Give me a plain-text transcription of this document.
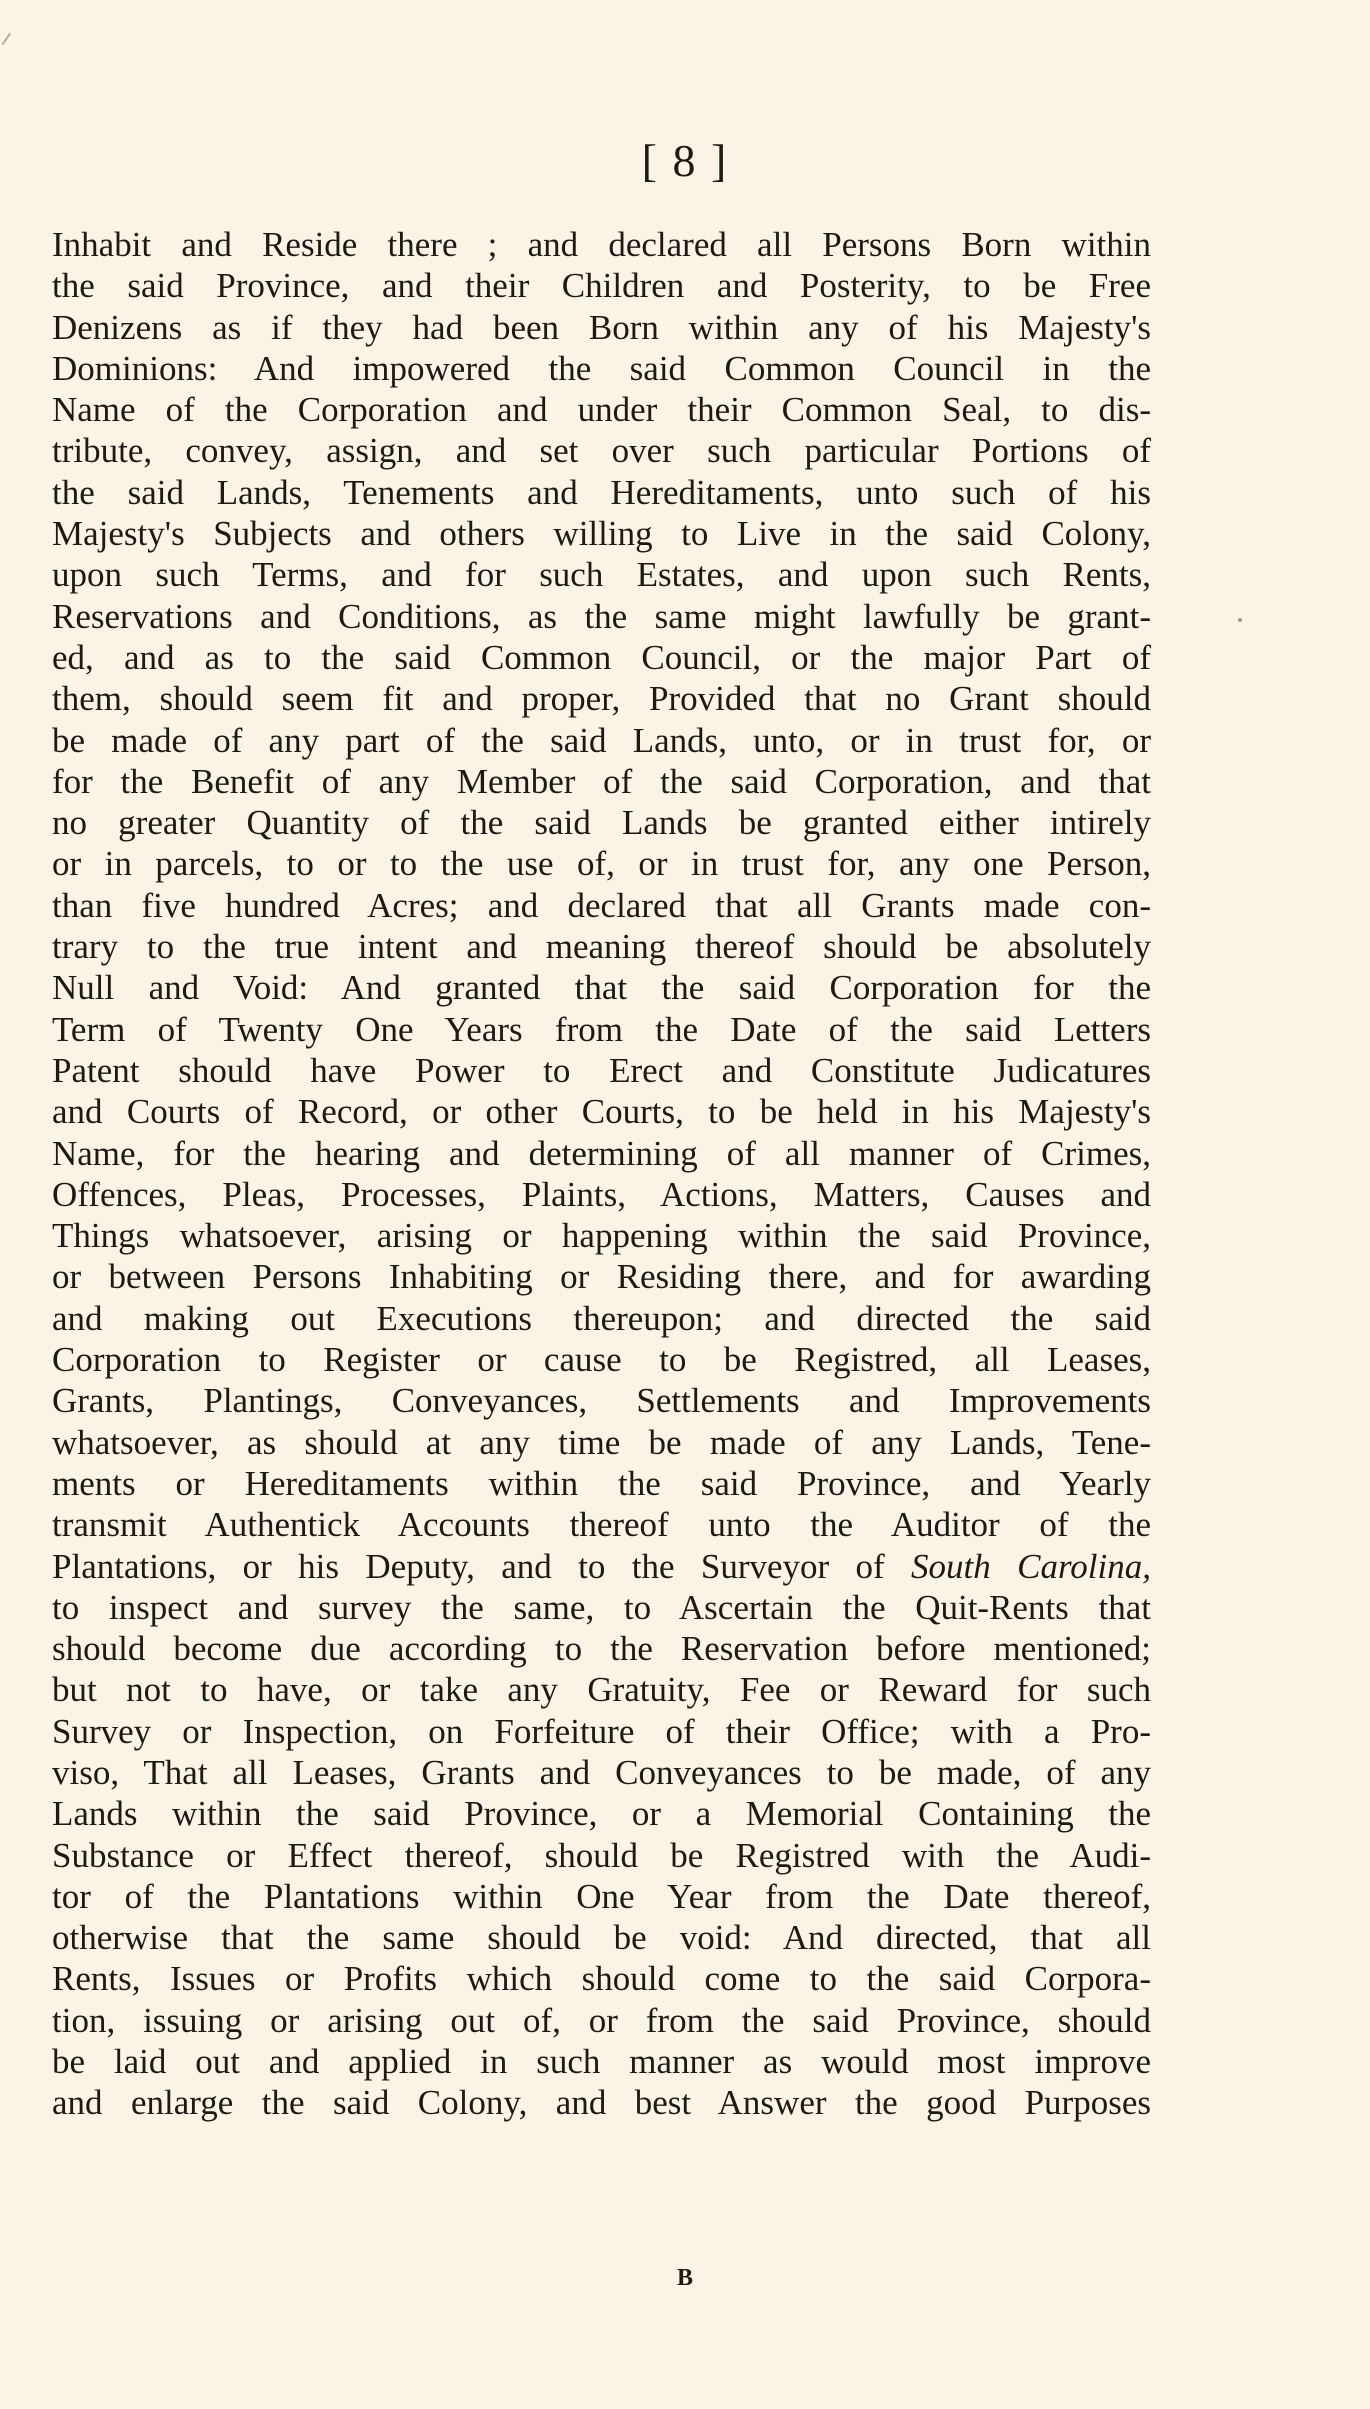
[ 8 ]
Inhabit and Reside there ; and declared all Persons Born within
the said Province, and their Children and Posterity, to be Free
Denizens as if they had been Born within any of his Majesty's
Dominions: And impowered the said Common Council in the
Name of the Corporation and under their Common Seal, to dis-
tribute, convey, assign, and set over such particular Portions of
the said Lands, Tenements and Hereditaments, unto such of his
Majesty's Subjects and others willing to Live in the said Colony,
upon such Terms, and for such Estates, and upon such Rents,
Reservations and Conditions, as the same might lawfully be grant-
ed, and as to the said Common Council, or the major Part of
them, should seem fit and proper, Provided that no Grant should
be made of any part of the said Lands, unto, or in trust for, or
for the Benefit of any Member of the said Corporation, and that
no greater Quantity of the said Lands be granted either intirely
or in parcels, to or to the use of, or in trust for, any one Person,
than five hundred Acres; and declared that all Grants made con-
trary to the true intent and meaning thereof should be absolutely
Null and Void: And granted that the said Corporation for the
Term of Twenty One Years from the Date of the said Letters
Patent should have Power to Erect and Constitute Judicatures
and Courts of Record, or other Courts, to be held in his Majesty's
Name, for the hearing and determining of all manner of Crimes,
Offences, Pleas, Processes, Plaints, Actions, Matters, Causes and
Things whatsoever, arising or happening within the said Province,
or between Persons Inhabiting or Residing there, and for awarding
and making out Executions thereupon; and directed the said
Corporation to Register or cause to be Registred, all Leases,
Grants, Plantings, Conveyances, Settlements and Improvements
whatsoever, as should at any time be made of any Lands, Tene-
ments or Hereditaments within the said Province, and Yearly
transmit Authentick Accounts thereof unto the Auditor of the
Plantations, or his Deputy, and to the Surveyor of South Carolina,
to inspect and survey the same, to Ascertain the Quit-Rents that
should become due according to the Reservation before mentioned;
but not to have, or take any Gratuity, Fee or Reward for such
Survey or Inspection, on Forfeiture of their Office; with a Pro-
viso, That all Leases, Grants and Conveyances to be made, of any
Lands within the said Province, or a Memorial Containing the
Substance or Effect thereof, should be Registred with the Audi-
tor of the Plantations within One Year from the Date thereof,
otherwise that the same should be void: And directed, that all
Rents, Issues or Profits which should come to the said Corpora-
tion, issuing or arising out of, or from the said Province, should
be laid out and applied in such manner as would most improve
and enlarge the said Colony, and best Answer the good Purposes
B
